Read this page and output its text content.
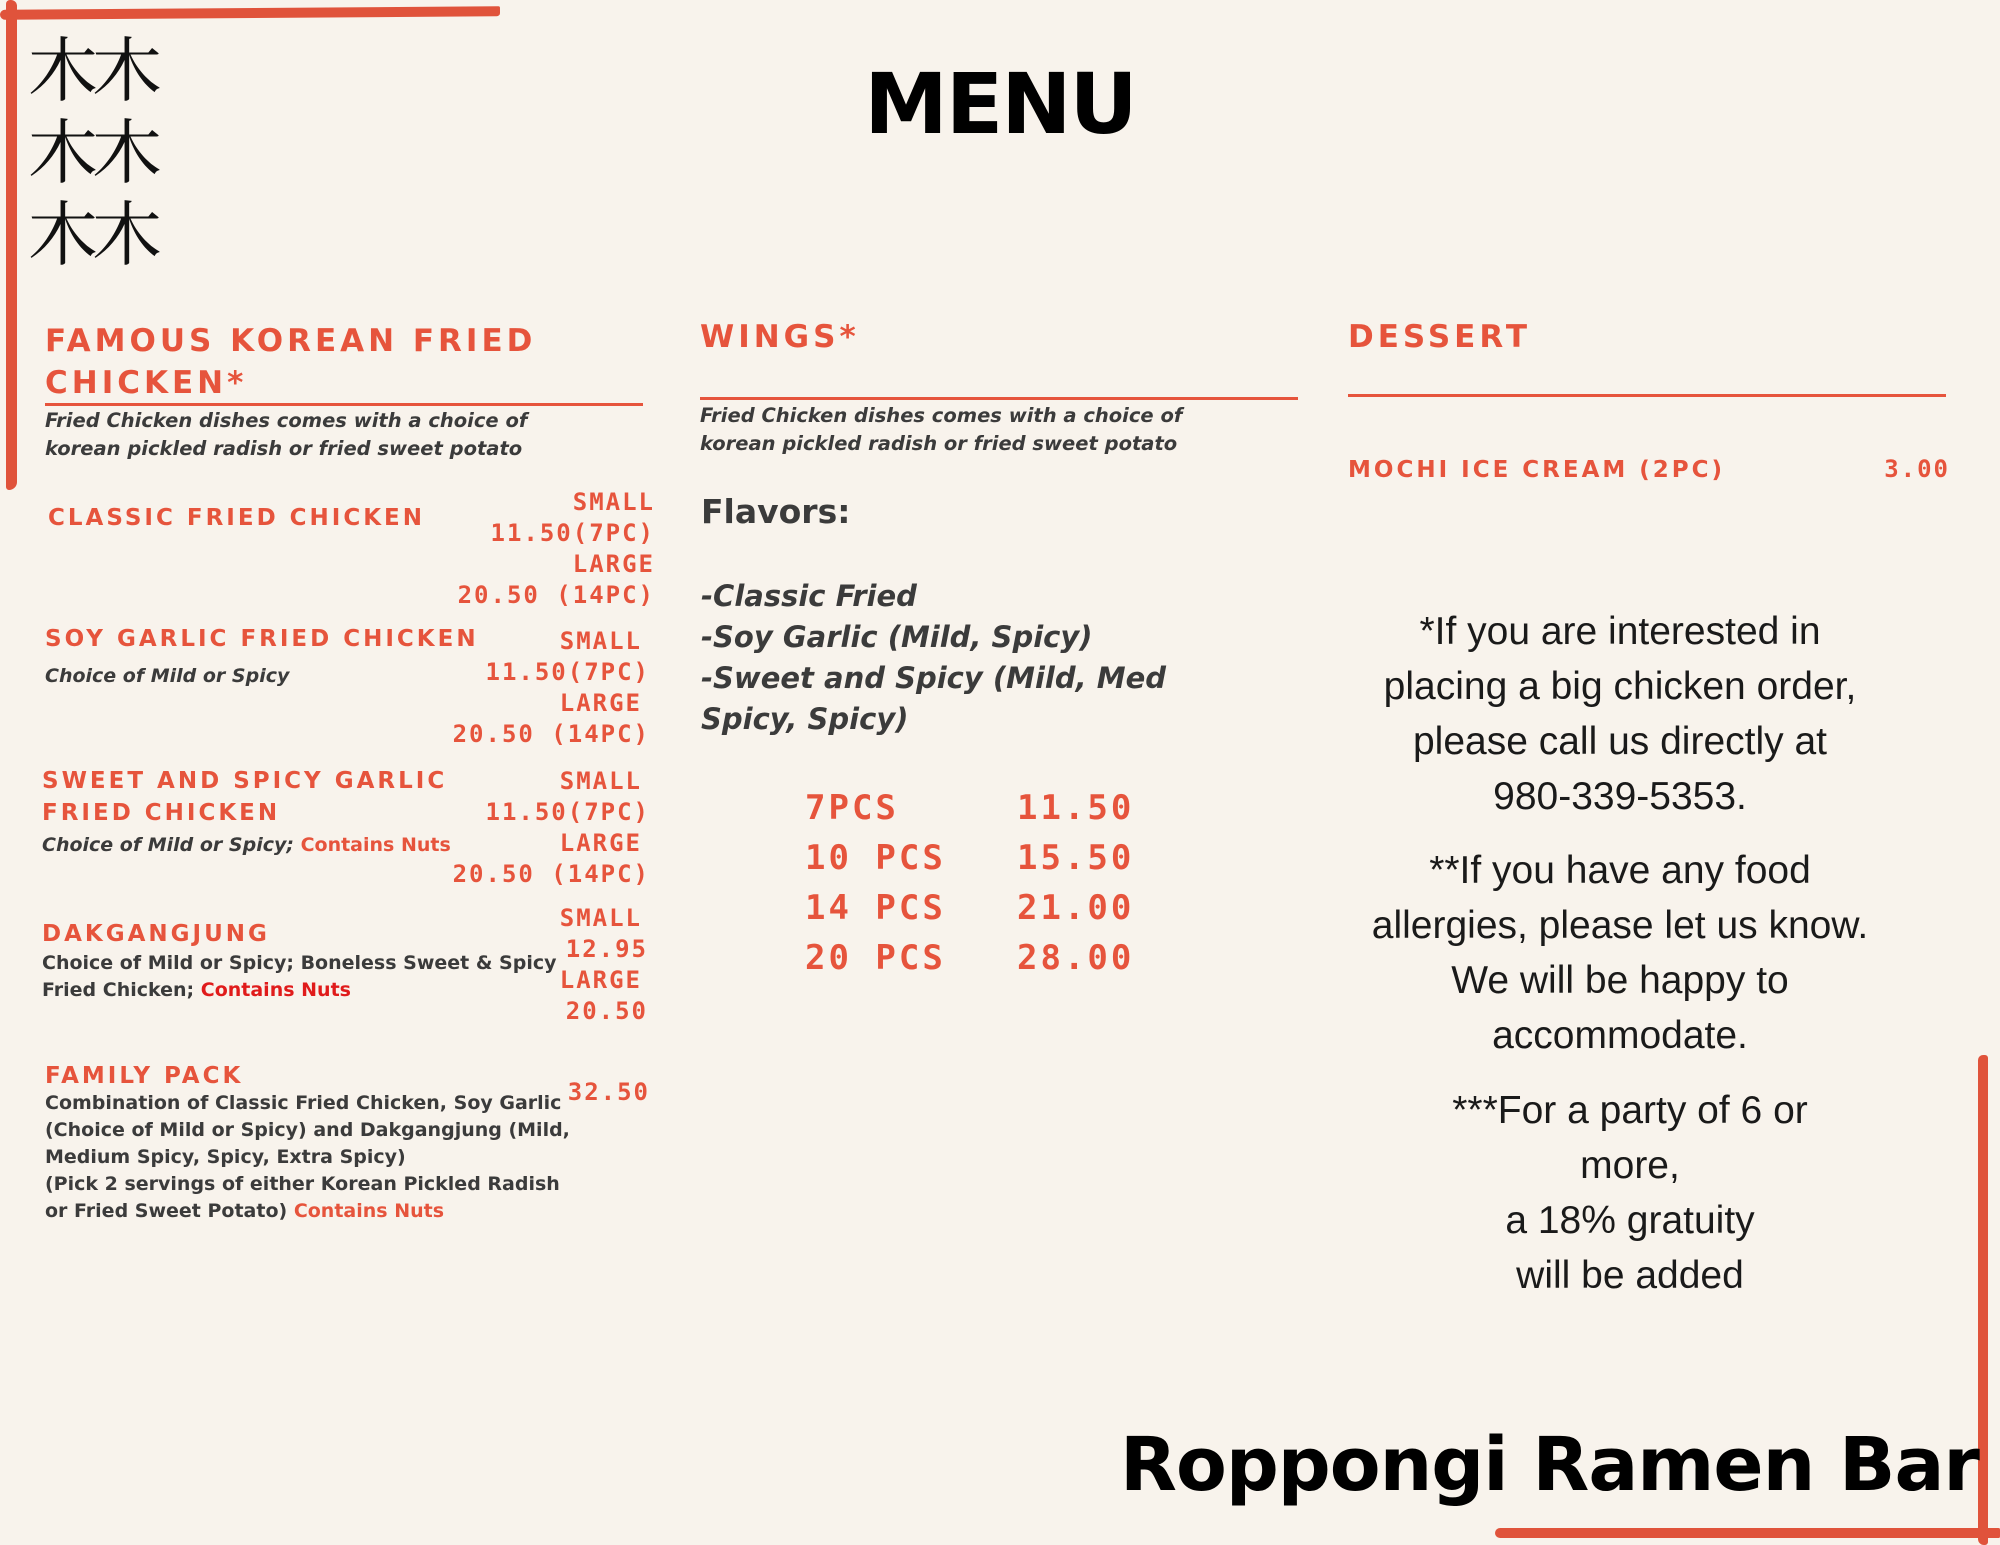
木木
木木
木木
MENU
FAMOUS KOREAN FRIED
CHICKEN*
Fried Chicken dishes comes with a choice of
korean pickled radish or fried sweet potato
CLASSIC FRIED CHICKEN
SMALL
11.50(7PC)
LARGE
20.50 (14PC)
SOY GARLIC FRIED CHICKEN
Choice of Mild or Spicy
SMALL
11.50(7PC)
LARGE
20.50 (14PC)
SWEET AND SPICY GARLIC
FRIED CHICKEN
Choice of Mild or Spicy; Contains Nuts
SMALL
11.50(7PC)
LARGE
20.50 (14PC)
DAKGANGJUNG
Choice of Mild or Spicy; Boneless Sweet & Spicy
Fried Chicken; Contains Nuts
SMALL
12.95
LARGE
20.50
FAMILY PACK
Combination of Classic Fried Chicken, Soy Garlic
(Choice of Mild or Spicy) and Dakgangjung (Mild,
Medium Spicy, Spicy, Extra Spicy)
(Pick 2 servings of either Korean Pickled Radish
or Fried Sweet Potato) Contains Nuts
32.50
WINGS*
Fried Chicken dishes comes with a choice of
korean pickled radish or fried sweet potato
Flavors:
-Classic Fried
-Soy Garlic (Mild, Spicy)
-Sweet and Spicy (Mild, Med
Spicy, Spicy)
7PCS	11.50
10 PCS	15.50
14 PCS	21.00
20 PCS	28.00
DESSERT
MOCHI ICE CREAM (2PC)	3.00
*If you are interested in
placing a big chicken order,
please call us directly at
980-339-5353.
**If you have any food
allergies, please let us know.
We will be happy to
accommodate.
***For a party of 6 or
more,
a 18% gratuity
will be added
Roppongi Ramen Bar
